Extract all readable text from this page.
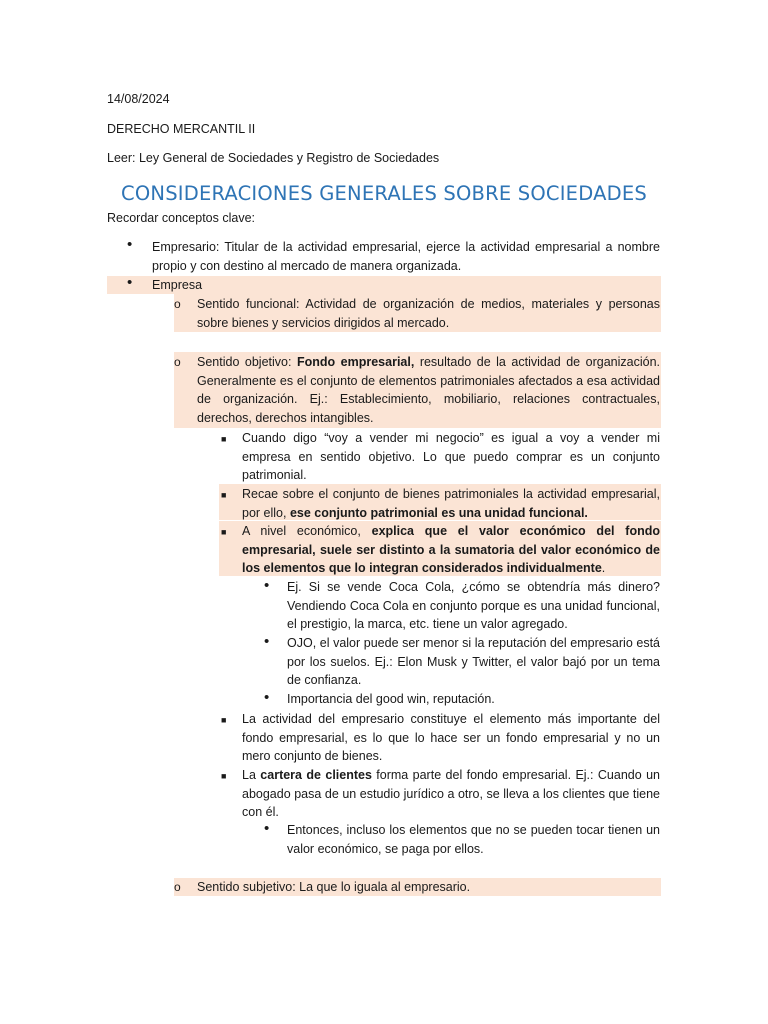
14/08/2024
DERECHO MERCANTIL II
Leer: Ley General de Sociedades y Registro de Sociedades
CONSIDERACIONES GENERALES SOBRE SOCIEDADES
Recordar conceptos clave:
• Empresario: Titular de la actividad empresarial, ejerce la actividad empresarial a nombre propio y con destino al mercado de manera organizada.
• Empresa
o Sentido funcional: Actividad de organización de medios, materiales y personas sobre bienes y servicios dirigidos al mercado.
o Sentido objetivo: Fondo empresarial, resultado de la actividad de organización. Generalmente es el conjunto de elementos patrimoniales afectados a esa actividad de organización. Ej.: Establecimiento, mobiliario, relaciones contractuales, derechos, derechos intangibles.
■ Cuando digo “voy a vender mi negocio” es igual a voy a vender mi empresa en sentido objetivo. Lo que puedo comprar es un conjunto patrimonial.
■ Recae sobre el conjunto de bienes patrimoniales la actividad empresarial, por ello, ese conjunto patrimonial es una unidad funcional.
■ A nivel económico, explica que el valor económico del fondo empresarial, suele ser distinto a la sumatoria del valor económico de los elementos que lo integran considerados individualmente.
• Ej. Si se vende Coca Cola, ¿cómo se obtendría más dinero? Vendiendo Coca Cola en conjunto porque es una unidad funcional, el prestigio, la marca, etc. tiene un valor agregado.
• OJO, el valor puede ser menor si la reputación del empresario está por los suelos. Ej.: Elon Musk y Twitter, el valor bajó por un tema de confianza.
• Importancia del good win, reputación.
■ La actividad del empresario constituye el elemento más importante del fondo empresarial, es lo que lo hace ser un fondo empresarial y no un mero conjunto de bienes.
■ La cartera de clientes forma parte del fondo empresarial. Ej.: Cuando un abogado pasa de un estudio jurídico a otro, se lleva a los clientes que tiene con él.
• Entonces, incluso los elementos que no se pueden tocar tienen un valor económico, se paga por ellos.
o Sentido subjetivo: La que lo iguala al empresario.
